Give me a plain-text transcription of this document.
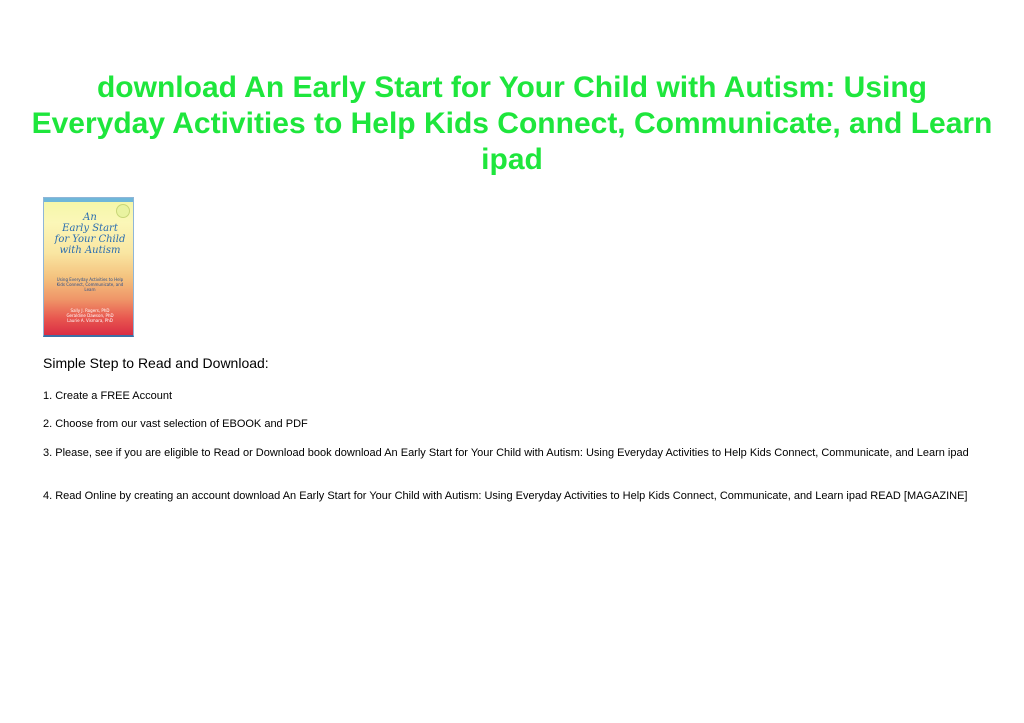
download An Early Start for Your Child with Autism: Using Everyday Activities to Help Kids Connect, Communicate, and Learn ipad
An
Early Start
for Your Child
with Autism
Using Everyday Activities to Help Kids Connect, Communicate, and Learn
Sally J. Rogers, PhD
Geraldine Dawson, PhD
Laurie A. Vismara, PhD

Simple Step to Read and Download:

1. Create a FREE Account

2. Choose from our vast selection of EBOOK and PDF

3. Please, see if you are eligible to Read or Download book download An Early Start for Your Child with Autism: Using Everyday Activities to Help Kids Connect, Communicate, and Learn ipad

4. Read Online by creating an account download An Early Start for Your Child with Autism: Using Everyday Activities to Help Kids Connect, Communicate, and Learn ipad READ [MAGAZINE]
